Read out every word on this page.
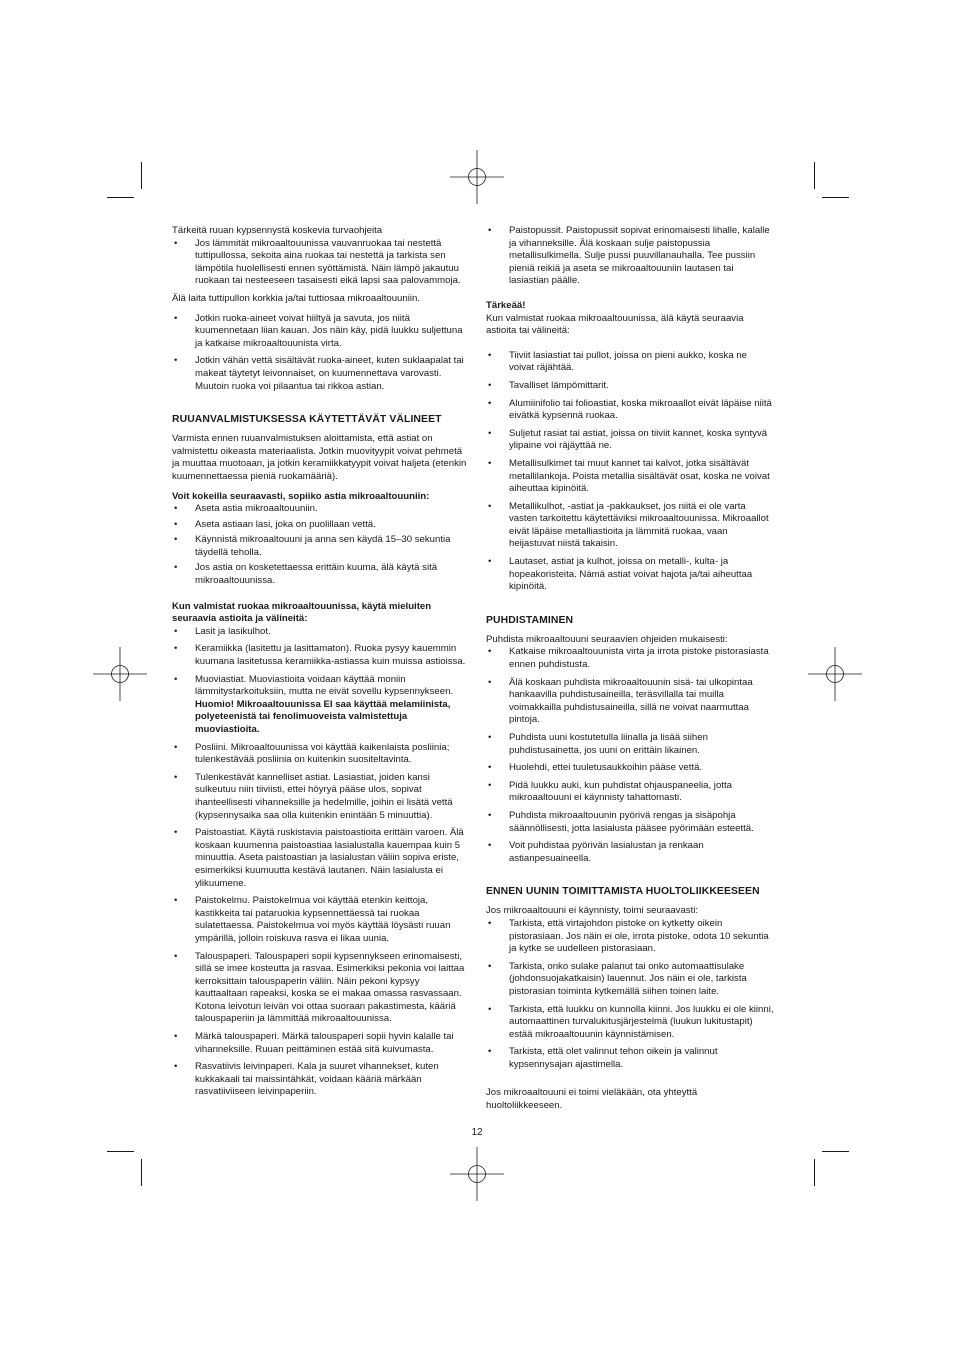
Tärkeitä ruuan kypsennystä koskevia turvaohjeita

• Jos lämmität mikroaaltouunissa vauvanruokaa tai nestettä tuttipullossa, sekoita aina ruokaa tai nestettä ja tarkista sen lämpötila huolellisesti ennen syöttämistä. Näin lämpö jakautuu ruokaan tai nesteeseen tasaisesti eikä lapsi saa palovammoja.

Älä laita tuttipullon korkkia ja/tai tuttiosaa mikroaaltouuniin.

• Jotkin ruoka-aineet voivat hiiltyä ja savuta, jos niitä kuumennetaan liian kauan. Jos näin käy, pidä luukku suljettuna ja katkaise mikroaaltouunista virta.
• Jotkin vähän vettä sisältävät ruoka-aineet, kuten suklaapalat tai makeat täytetyt leivonnaiset, on kuumennettava varovasti. Muutoin ruoka voi pilaantua tai rikkoa astian.
RUUANVALMISTUKSESSA KÄYTETTÄVÄT VÄLINEET

Varmista ennen ruuanvalmistuksen aloittamista, että astiat on valmistettu oikeasta materiaalista. Jotkin muovityypit voivat pehmetä ja muuttaa muotoaan, ja jotkin keramiikkatyypit voivat haljeta (etenkin kuumennettaessa pieniä ruokamääriä).

Voit kokeilla seuraavasti, sopiiko astia mikroaaltouuniin:

• Aseta astia mikroaaltouuniin.
• Aseta astiaan lasi, joka on puolillaan vettä.
• Käynnistä mikroaaltouuni ja anna sen käydä 15–30 sekuntia täydellä teholla.
• Jos astia on kosketettaessa erittäin kuuma, älä käytä sitä mikroaaltouunissa.

Kun valmistat ruokaa mikroaaltouunissa, käytä mieluiten seuraavia astioita ja välineitä:

• Lasit ja lasikulhot.
• Keramiikka (lasitettu ja lasittamaton). Ruoka pysyy kauemmin kuumana lasitetussa keramiikka-astiassa kuin muissa astioissa.
• Muoviastiat. Muoviastioita voidaan käyttää moniin lämmitystarkoituksiin, mutta ne eivät sovellu kypsennykseen. Huomio! Mikroaaltouunissa EI saa käyttää melamiinista, polyeteenistä tai fenolimuoveista valmistettuja muoviastioita.
• Posliini. Mikroaaltouunissa voi käyttää kaikenlaista posliinia; tulenkestävää posliinia on kuitenkin suositeltavinta.
• Tulenkestävät kannelliset astiat. Lasiastiat, joiden kansi sulkeutuu niin tiiviisti, ettei höyryä pääse ulos, sopivat ihanteellisesti vihanneksille ja hedelmille, joihin ei lisätä vettä (kypsennysaika saa olla kuitenkin enintään 5 minuuttia).
• Paistoastiat. Käytä ruskistavia paistoastioita erittäin varoen. Älä koskaan kuumenna paistoastiaa lasialustalla kauempaa kuin 5 minuuttia. Aseta paistoastian ja lasialustan väliin sopiva eriste, esimerkiksi kuumuutta kestävä lautanen. Näin lasialusta ei ylikuumene.
• Paistokelmu. Paistokelmua voi käyttää etenkin keittoja, kastikkeita tai pataruokia kypsennettäessä tai ruokaa sulatettaessa. Paistokelmua voi myös käyttää löysästi ruuan ympärillä, jolloin roiskuva rasva ei likaa uunia.
• Talouspaperi. Talouspaperi sopii kypsennykseen erinomaisesti, sillä se imee kosteutta ja rasvaa. Esimerkiksi pekonia voi laittaa kerroksittain talouspaperin väliin. Näin pekoni kypsyy kauttaaltaan rapeaksi, koska se ei makaa omassa rasvassaan. Kotona leivotun leivän voi ottaa suoraan pakastimesta, kääriä talouspaperiin ja lämmittää mikroaaltouunissa.
• Märkä talouspaperi. Märkä talouspaperi sopii hyvin kalalle tai vihanneksille. Ruuan peittäminen estää sitä kuivumasta.
• Rasvatiivis leivinpaperi. Kala ja suuret vihannekset, kuten kukkakaali tai maissintähkät, voidaan kääriä märkään rasvatiiviiseen leivinpaperiin.
• Paistopussit. Paistopussit sopivat erinomaisesti lihalle, kalalle ja vihanneksille. Älä koskaan sulje paistopussia metallisulkimella. Sulje pussi puuvillanauhalla. Tee pussiin pieniä reikiä ja aseta se mikroaaltouuniin lautasen tai lasiastian päälle.

Tärkeää!

Kun valmistat ruokaa mikroaaltouunissa, älä käytä seuraavia astioita tai välineitä:

• Tiiviit lasiastiat tai pullot, joissa on pieni aukko, koska ne voivat räjähtää.
• Tavalliset lämpömittarit.
• Alumiinifolio tai folioastiat, koska mikroaallot eivät läpäise niitä eivätkä kypsennä ruokaa.
• Suljetut rasiat tai astiat, joissa on tiiviit kannet, koska syntyvä ylipaine voi räjäyttää ne.
• Metallisulkimet tai muut kannet tai kalvot, jotka sisältävät metallilankoja. Poista metallia sisältävät osat, koska ne voivat aiheuttaa kipinöitä.
• Metallikulhot, -astiat ja -pakkaukset, jos niitä ei ole varta vasten tarkoitettu käytettäviksi mikroaaltouunissa. Mikroaallot eivät läpäise metalliastioita ja lämmitä ruokaa, vaan heijastuvat niistä takaisin.
• Lautaset, astiat ja kulhot, joissa on metalli-, kulta- ja hopeakoristeita. Nämä astiat voivat hajota ja/tai aiheuttaa kipinöitä.
PUHDISTAMINEN

Puhdista mikroaaltouuni seuraavien ohjeiden mukaisesti:

• Katkaise mikroaaltouunista virta ja irrota pistoke pistorasiasta ennen puhdistusta.
• Älä koskaan puhdista mikroaaltouunin sisä- tai ulkopintaa hankaavilla puhdistusaineilla, teräsvillalla tai muilla voimakkailla puhdistusaineilla, sillä ne voivat naarmuttaa pintoja.
• Puhdista uuni kostutetulla liinalla ja lisää siihen puhdistusainetta, jos uuni on erittäin likainen.
• Huolehdi, ettei tuuletusaukkoihin pääse vettä.
• Pidä luukku auki, kun puhdistat ohjauspaneelia, jotta mikroaaltouuni ei käynnisty tahattomasti.
• Puhdista mikroaaltouunin pyörivä rengas ja sisäpohja säännöllisesti, jotta lasialusta pääsee pyörimään esteettä.
• Voit puhdistaa pyörivän lasialustan ja renkaan astianpesuaineella.
ENNEN UUNIN TOIMITTAMISTA HUOLTOLIIKKEESEEN

Jos mikroaaltouuni ei käynnisty, toimi seuraavasti:

• Tarkista, että virtajohdon pistoke on kytketty oikein pistorasiaan. Jos näin ei ole, irrota pistoke, odota 10 sekuntia ja kytke se uudelleen pistorasiaan.
• Tarkista, onko sulake palanut tai onko automaattisulake (johdonsuojakatkaisin) lauennut. Jos näin ei ole, tarkista pistorasian toiminta kytkemällä siihen toinen laite.
• Tarkista, että luukku on kunnolla kiinni. Jos luukku ei ole kiinni, automaattinen turvalukitusjärjestelmä (luukun lukitustapit) estää mikroaaltouunin käynnistämisen.
• Tarkista, että olet valinnut tehon oikein ja valinnut kypsennysajan ajastimella.

Jos mikroaaltouuni ei toimi vieläkään, ota yhteyttä huoltoliikkeeseen.

12
